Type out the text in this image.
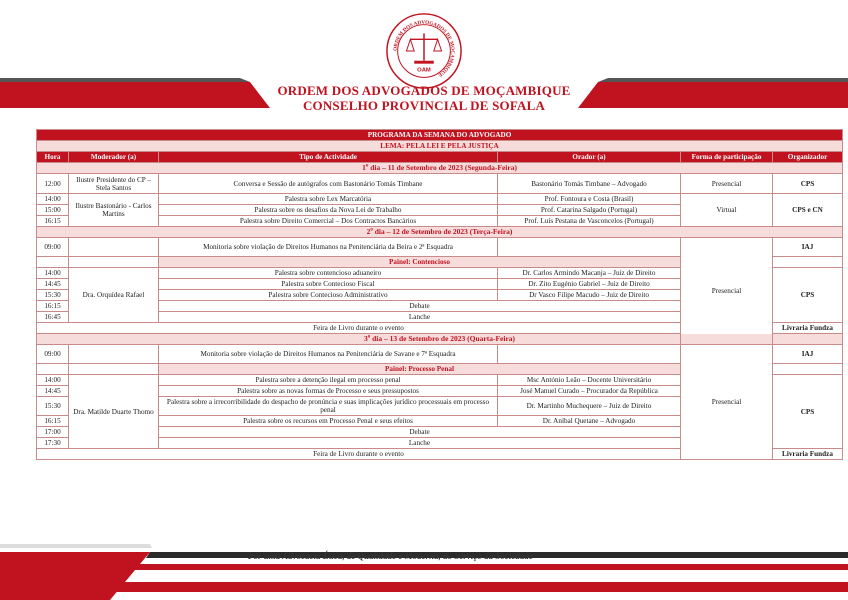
ORDEM DOS ADVOGADOS DE MOÇAMBIQUE
OAM
ORDEM DOS ADVOGADOS DE MOÇAMBIQUE
CONSELHO PROVINCIAL DE SOFALA
PROGRAMA DA SEMANA DO ADVOGADO					
LEMA: PELA LEI E PELA JUSTIÇA					
Hora	Moderador (a)	Tipo de Actividade	Orador (a)	Forma de participação	Organizador
1$^o$ dia – 11 de Setembro de 2023 (Segunda-Feira)					
12:00	Ilustre Presidente do CP – Stela Santos	Conversa e Sessão de autógrafos com Bastonário Tomás Timbane	Bastonário Tomás Timbane – Advogado	Presencial	CPS
14:00	Ilustre Bastonário - Carlos Martins	Palestra sobre Lex Marcatória	Prof. Fontoura e Costa (Brasil)	Virtual	CPS e CN
15:00		Palestra sobre os desafios da Nova Lei de Trabalho	Prof. Catarina Salgado (Portugal)		
16:15		Palestra sobre Direito Comercial – Dos Contractos Bancários	Prof. Luís Pestana de Vasconcelos (Portugal)		
2$^o$ dia – 12 de Setembro de 2023 (Terça-Feira)					
09:00		Monitoria sobre violação de Direitos Humanos na Penitenciária da Beira e 2ª Esquadra		Presencial	IAJ
		Painel: Contencioso			
14:00	Dra. Orquídea Rafael	Palestra sobre contencioso aduaneiro	Dr. Carlos Armindo Macanja – Juiz de Direito		CPS
14:45		Palestra sobre Contecioso Fiscal	Dr. Zito Eugénio Gabriel – Juiz de Direito		
15:30		Palestra sobre Contecioso Administrativo	Dr Vasco Filipe Macudo – Juiz de Direito		
16:15		Debate			
16:45		Lanche			
Feira de Livro durante o evento					Livraria Fundza
3$^o$ dia – 13 de Setembro de 2023 (Quarta-Feira)					
09:00		Monitoria sobre violação de Direitos Humanos na Penitenciária de Savane e 7ª Esquadra		Presencial	IAJ
		Painel: Processo Penal			
14:00	Dra. Matilde Duarte Thomo	Palestra sobre a detenção ilegal em processo penal	Msc António Leão – Docente Universitário		CPS
14:45		Palestra sobre as novas formas de Processo e seus pressupostos	José Manuel Curado – Procurador da República		
15:30		Palestra sobre a irrecorribilidade do despacho de pronúncia e suas implicações jurídico processuais em processo penal	Dr. Martinho Muchequere – Juiz de Direito		
16:15		Palestra sobre os recursos em Processo Penal e seus efeitos	Dr. Aníbal Quetane – Advogado		
17:00		Debate			
17:30		Lanche			
Feira de Livro durante o evento					Livraria Fundza
Por uma Advocacia Ética, de Qualidade e Moderna, ao Serviço da Sociedade
